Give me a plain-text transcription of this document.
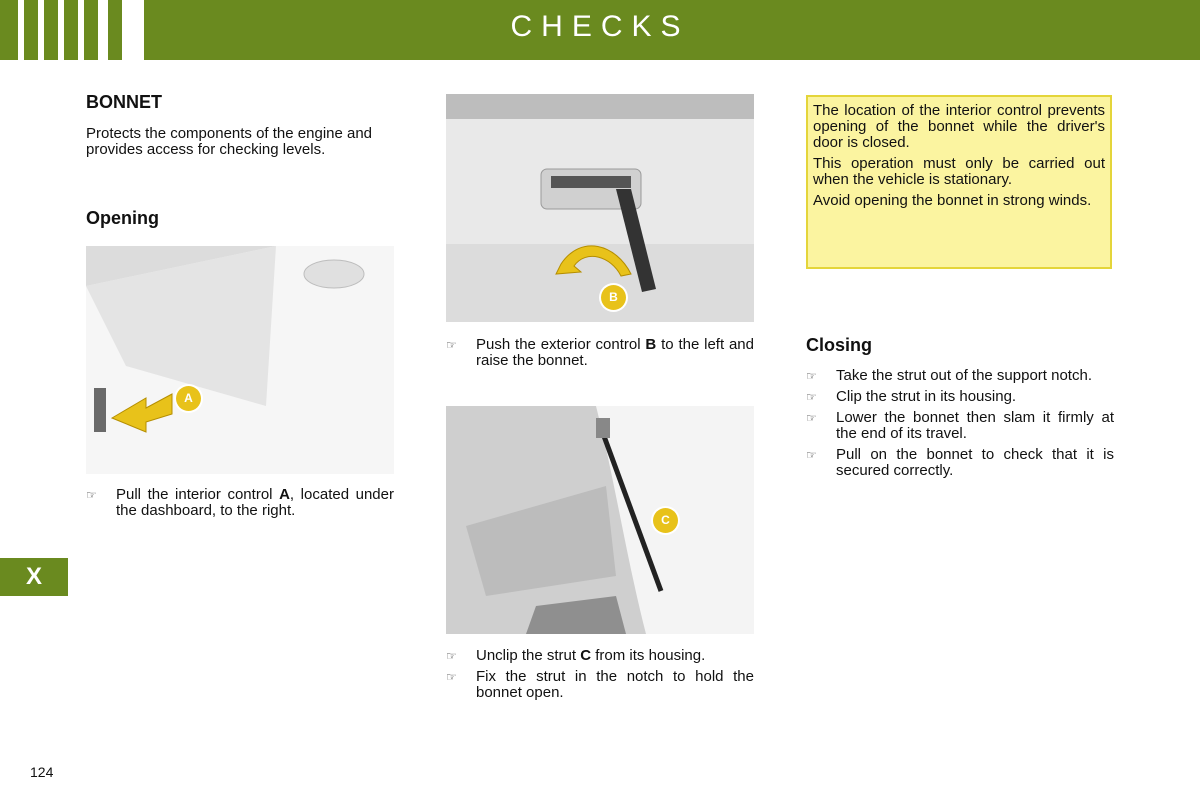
CHECKS
X
BONNET

Protects the components of the engine and provides access for checking levels.

Opening
A
☞ Pull the interior control A, located under the dashboard, to the right.
B
☞ Push the exterior control B to the left and raise the bonnet.
C
☞ Unclip the strut C from its housing.
☞ Fix the strut in the notch to hold the bonnet open.

The location of the interior control prevents opening of the bonnet while the driver's door is closed.

This operation must only be carried out when the vehicle is stationary.

Avoid opening the bonnet in strong winds.

Closing
☞ Take the strut out of the support notch.
☞ Clip the strut in its housing.
☞ Lower the bonnet then slam it firmly at the end of its travel.
☞ Pull on the bonnet to check that it is secured correctly.
124
